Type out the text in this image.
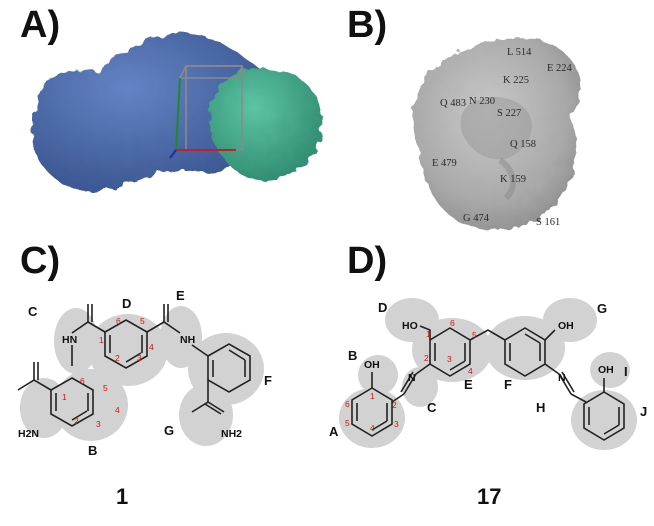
A)	B)
C)	D)
L 514
E 224
K 225
Q 483 N 230
S 227
Q 158
E 479
K 159
G 474	S 161
HN	NH
H2N	NH2
6 5
1
2 3
4
1
6
2 3
4
5
C
D
E
F
G
B
1
HO	OH
OH
N	N
OH
6
5
1
2 3
4
1
2
3
4
5
6
D	G
B
E F
C	H
I
A
J
17
